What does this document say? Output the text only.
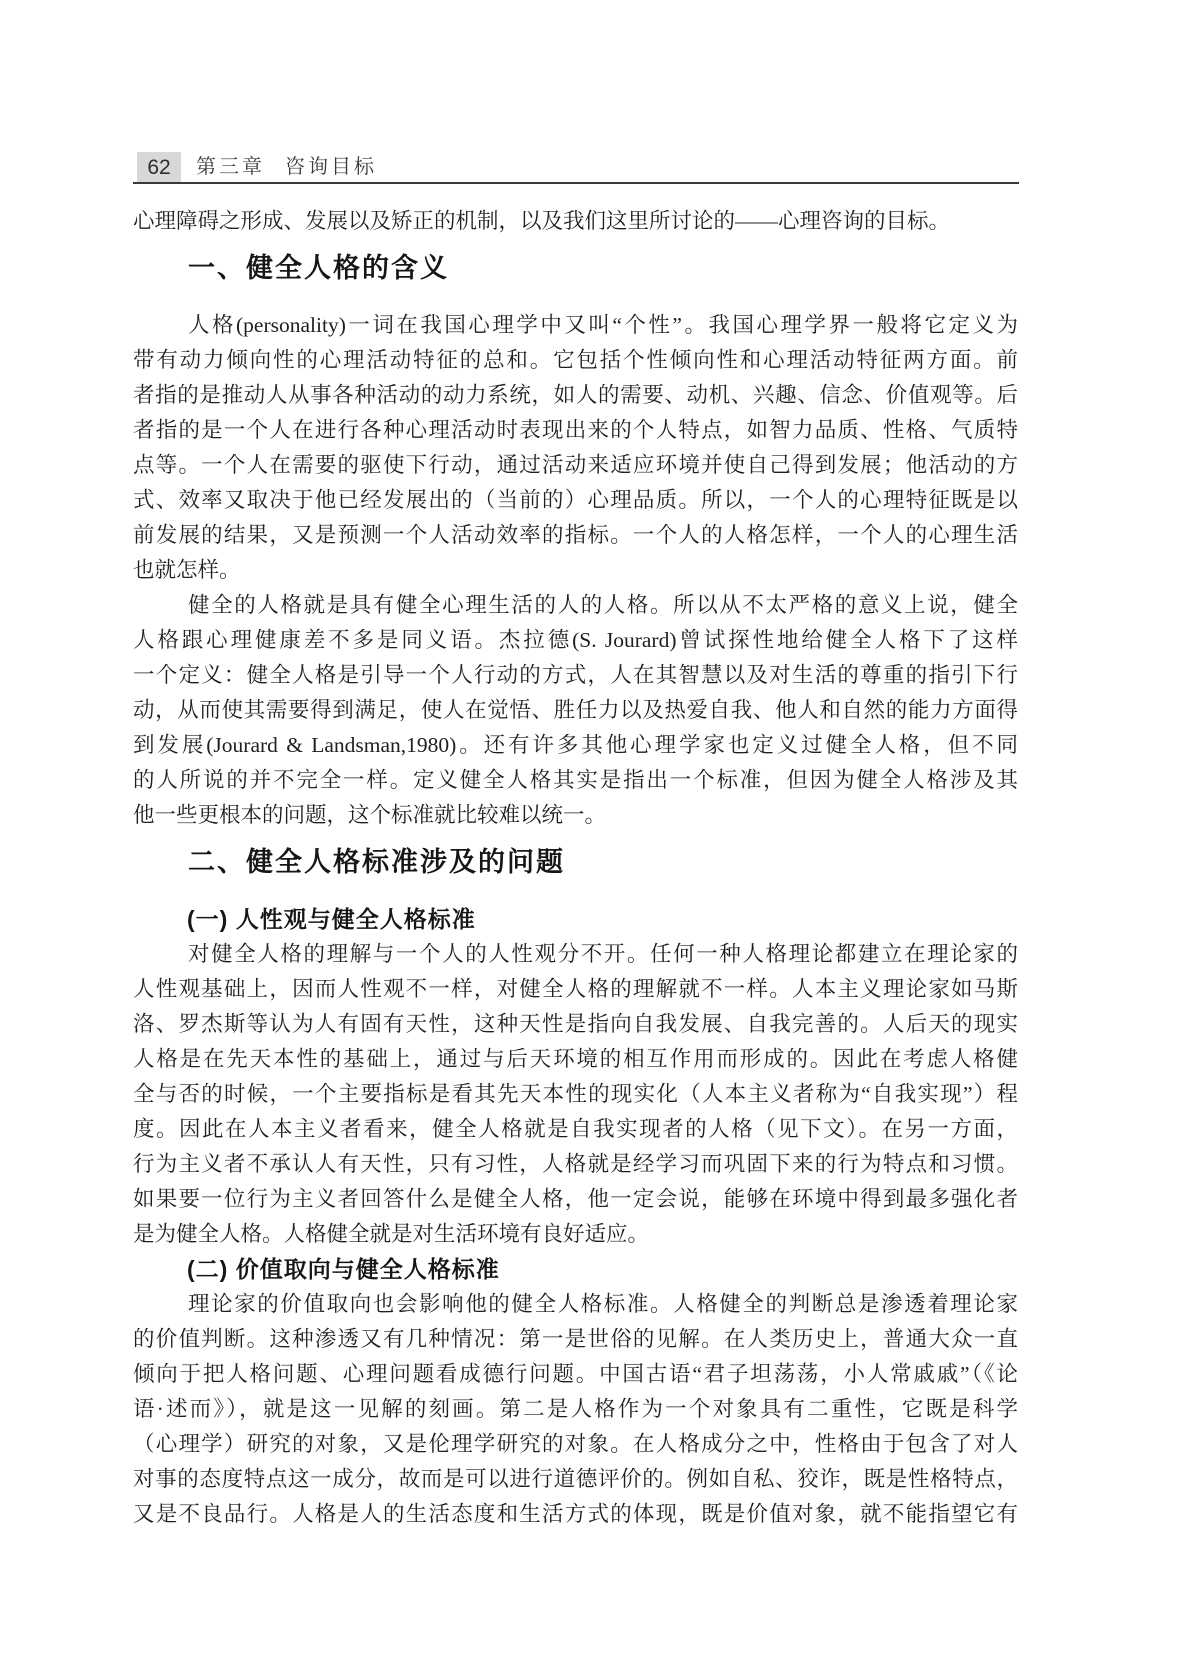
62	第三章 咨询目标
心理障碍之形成、发展以及矫正的机制，以及我们这里所讨论的——心理咨询的目标。
一、健全人格的含义
人格(personality)一词在我国心理学中又叫“个性”。我国心理学界一般将它定义为
带有动力倾向性的心理活动特征的总和。它包括个性倾向性和心理活动特征两方面。前
者指的是推动人从事各种活动的动力系统，如人的需要、动机、兴趣、信念、价值观等。后
者指的是一个人在进行各种心理活动时表现出来的个人特点，如智力品质、性格、气质特
点等。一个人在需要的驱使下行动，通过活动来适应环境并使自己得到发展；他活动的方
式、效率又取决于他已经发展出的（当前的）心理品质。所以，一个人的心理特征既是以
前发展的结果，又是预测一个人活动效率的指标。一个人的人格怎样，一个人的心理生活
也就怎样。
健全的人格就是具有健全心理生活的人的人格。所以从不太严格的意义上说，健全
人格跟心理健康差不多是同义语。杰拉德(S. Jourard)曾试探性地给健全人格下了这样
一个定义：健全人格是引导一个人行动的方式，人在其智慧以及对生活的尊重的指引下行
动，从而使其需要得到满足，使人在觉悟、胜任力以及热爱自我、他人和自然的能力方面得
到发展(Jourard & Landsman,1980)。还有许多其他心理学家也定义过健全人格，但不同
的人所说的并不完全一样。定义健全人格其实是指出一个标准，但因为健全人格涉及其
他一些更根本的问题，这个标准就比较难以统一。
二、健全人格标准涉及的问题
(一) 人性观与健全人格标准
对健全人格的理解与一个人的人性观分不开。任何一种人格理论都建立在理论家的
人性观基础上，因而人性观不一样，对健全人格的理解就不一样。人本主义理论家如马斯
洛、罗杰斯等认为人有固有天性，这种天性是指向自我发展、自我完善的。人后天的现实
人格是在先天本性的基础上，通过与后天环境的相互作用而形成的。因此在考虑人格健
全与否的时候，一个主要指标是看其先天本性的现实化（人本主义者称为“自我实现”）程
度。因此在人本主义者看来，健全人格就是自我实现者的人格（见下文）。在另一方面，
行为主义者不承认人有天性，只有习性，人格就是经学习而巩固下来的行为特点和习惯。
如果要一位行为主义者回答什么是健全人格，他一定会说，能够在环境中得到最多强化者
是为健全人格。人格健全就是对生活环境有良好适应。
(二) 价值取向与健全人格标准
理论家的价值取向也会影响他的健全人格标准。人格健全的判断总是渗透着理论家
的价值判断。这种渗透又有几种情况：第一是世俗的见解。在人类历史上，普通大众一直
倾向于把人格问题、心理问题看成德行问题。中国古语“君子坦荡荡，小人常戚戚”（《论
语·述而》），就是这一见解的刻画。第二是人格作为一个对象具有二重性，它既是科学
（心理学）研究的对象，又是伦理学研究的对象。在人格成分之中，性格由于包含了对人
对事的态度特点这一成分，故而是可以进行道德评价的。例如自私、狡诈，既是性格特点，
又是不良品行。人格是人的生活态度和生活方式的体现，既是价值对象，就不能指望它有
